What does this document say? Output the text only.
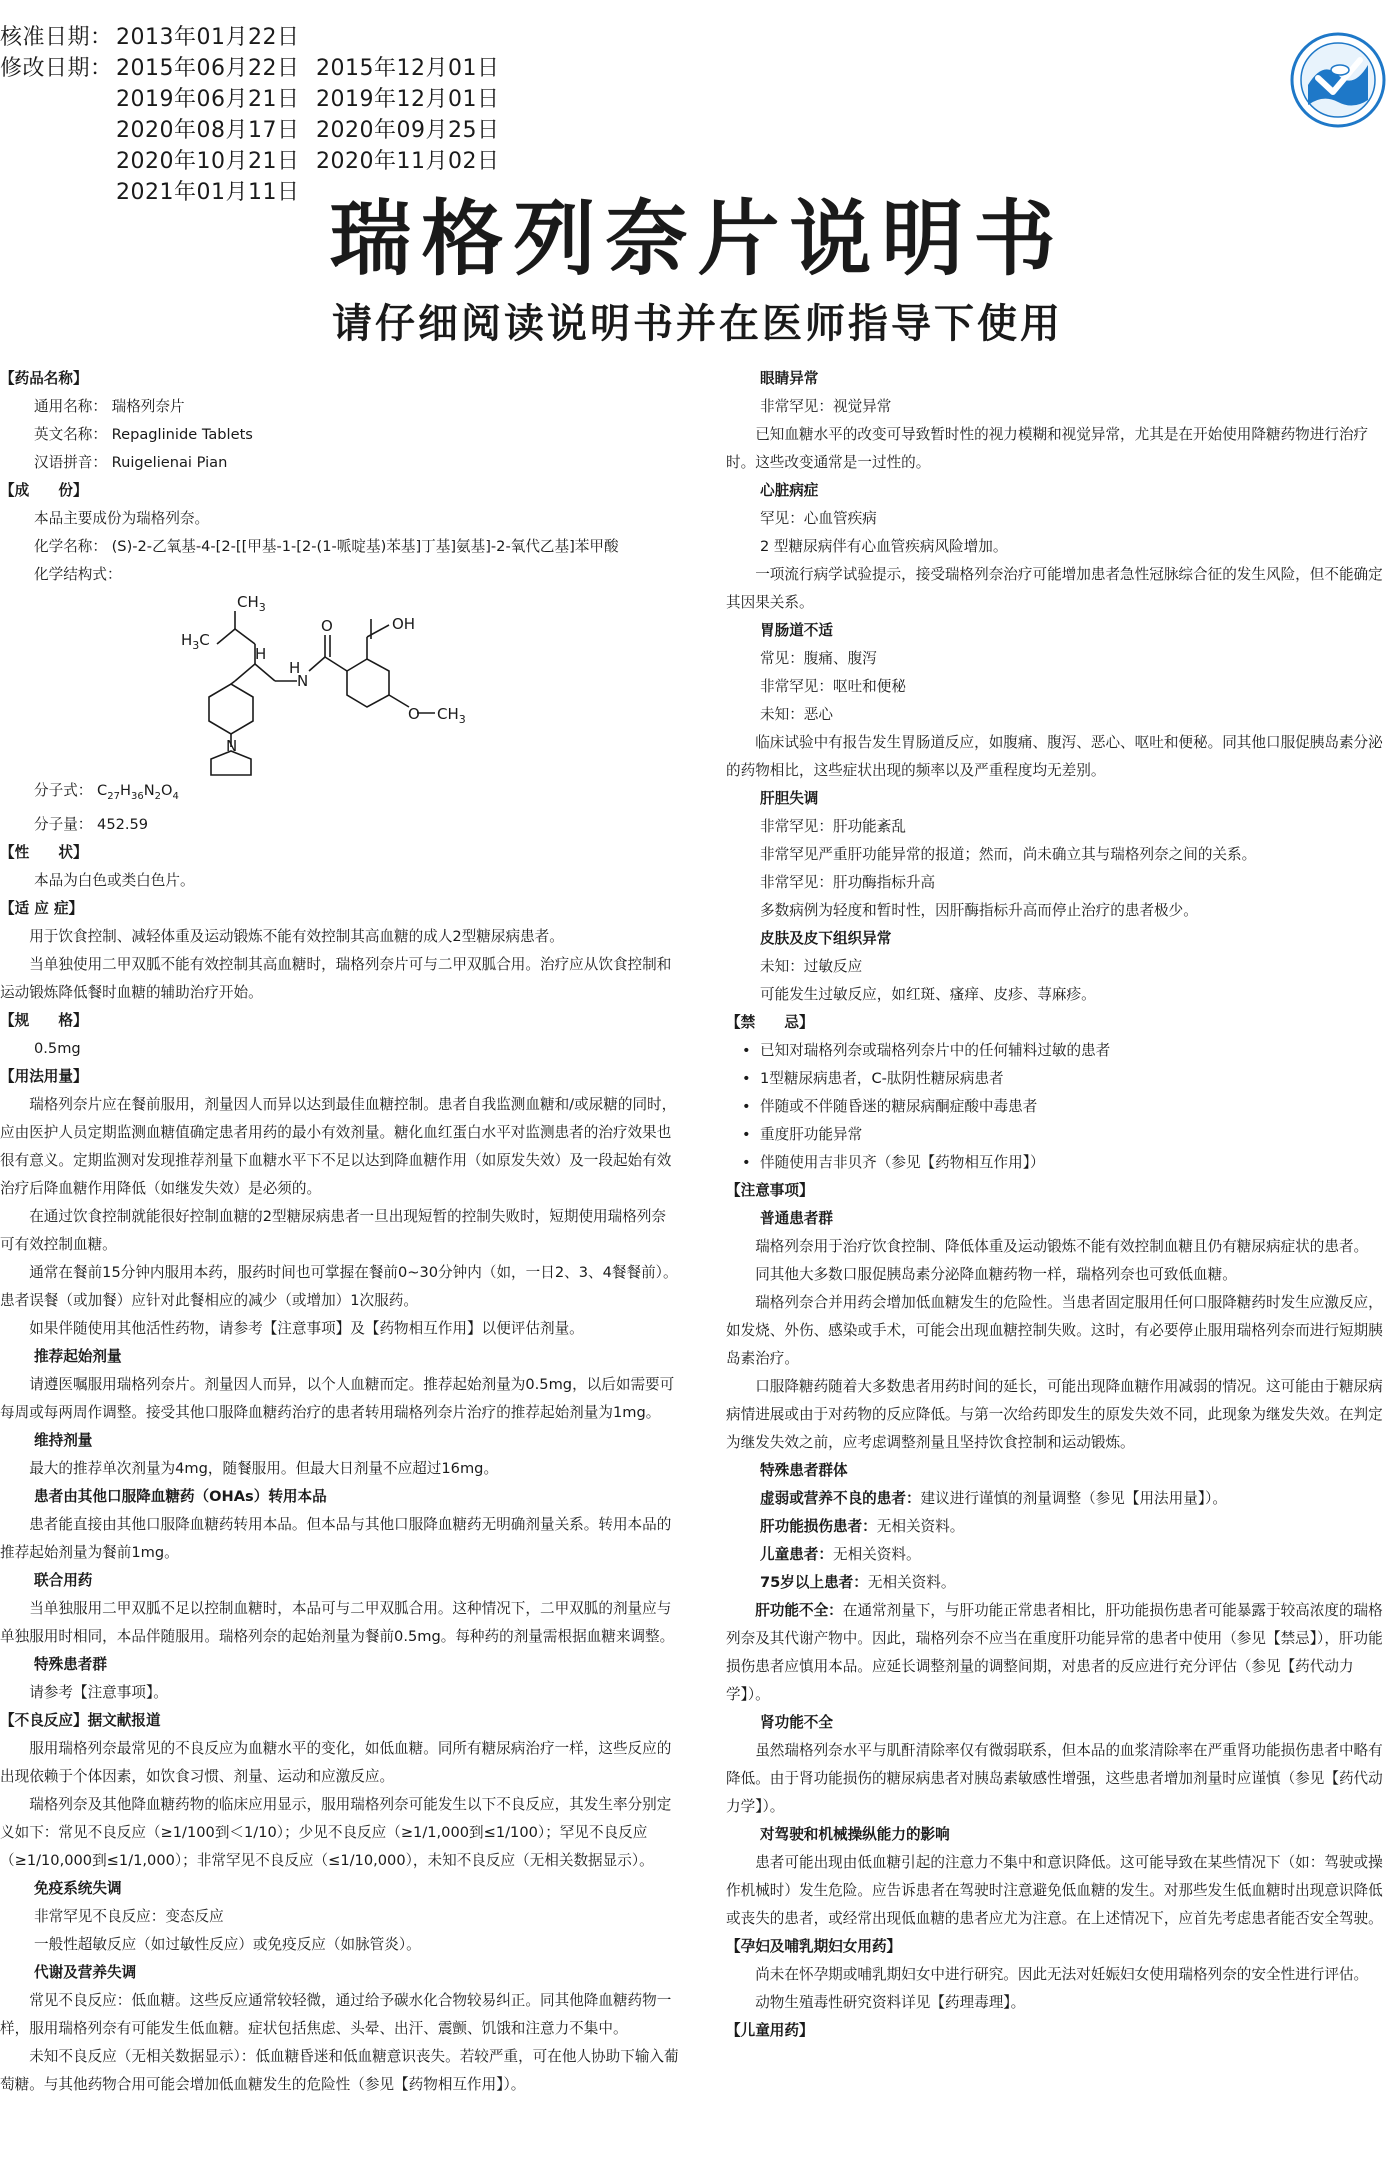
核准日期： 2013年01月22日
修改日期： 2015年06月22日 2015年12月01日
2019年06月21日 2019年12月01日
2020年08月17日 2020年09月25日
2020年10月21日 2020年11月02日
2021年01月11日 瑞格列奈片说明书
请仔细阅读说明书并在医师指导下使用

【药品名称】

通用名称： 瑞格列奈片

英文名称： Repaglinide Tablets

汉语拼音： Ruigelienai Pian

【成　　份】

本品主要成份为瑞格列奈。

化学名称： (S)-2-乙氧基-4-[2-[[甲基-1-[2-(1-哌啶基)苯基]丁基]氨基]-2-氧代乙基]苯甲酸

化学结构式：

$CH_3$
$H_3C$
H
N
H
O	OH
O $CH_3$
N

分子式： $C_{27}H_{36}N_2O_4$

分子量： 452.59

【性　　状】

本品为白色或类白色片。

【适 应 症】

用于饮食控制、减轻体重及运动锻炼不能有效控制其高血糖的成人2型糖尿病患者。

当单独使用二甲双胍不能有效控制其高血糖时，瑞格列奈片可与二甲双胍合用。治疗应从饮食控制和运动锻炼降低餐时血糖的辅助治疗开始。

【规　　格】

0.5mg

【用法用量】

瑞格列奈片应在餐前服用，剂量因人而异以达到最佳血糖控制。患者自我监测血糖和/或尿糖的同时，应由医护人员定期监测血糖值确定患者用药的最小有效剂量。糖化血红蛋白水平对监测患者的治疗效果也很有意义。定期监测对发现推荐剂量下血糖水平下不足以达到降血糖作用（如原发失效）及一段起始有效治疗后降血糖作用降低（如继发失效）是必须的。

在通过饮食控制就能很好控制血糖的2型糖尿病患者一旦出现短暂的控制失败时，短期使用瑞格列奈可有效控制血糖。

通常在餐前15分钟内服用本药，服药时间也可掌握在餐前0~30分钟内（如，一日2、3、4餐餐前）。患者误餐（或加餐）应针对此餐相应的减少（或增加）1次服药。

如果伴随使用其他活性药物，请参考【注意事项】及【药物相互作用】以便评估剂量。

推荐起始剂量

请遵医嘱服用瑞格列奈片。剂量因人而异，以个人血糖而定。推荐起始剂量为0.5mg，以后如需要可每周或每两周作调整。接受其他口服降血糖药治疗的患者转用瑞格列奈片治疗的推荐起始剂量为1mg。

维持剂量

最大的推荐单次剂量为4mg，随餐服用。但最大日剂量不应超过16mg。

患者由其他口服降血糖药（OHAs）转用本品

患者能直接由其他口服降血糖药转用本品。但本品与其他口服降血糖药无明确剂量关系。转用本品的推荐起始剂量为餐前1mg。

联合用药

当单独服用二甲双胍不足以控制血糖时，本品可与二甲双胍合用。这种情况下，二甲双胍的剂量应与单独服用时相同，本品伴随服用。瑞格列奈的起始剂量为餐前0.5mg。每种药的剂量需根据血糖来调整。

特殊患者群

请参考【注意事项】。

【不良反应】据文献报道

服用瑞格列奈最常见的不良反应为血糖水平的变化，如低血糖。同所有糖尿病治疗一样，这些反应的出现依赖于个体因素，如饮食习惯、剂量、运动和应激反应。

瑞格列奈及其他降血糖药物的临床应用显示，服用瑞格列奈可能发生以下不良反应，其发生率分别定义如下：常见不良反应（≥1/100到＜1/10）；少见不良反应（≥1/1,000到≤1/100）；罕见不良反应（≥1/10,000到≤1/1,000）；非常罕见不良反应（≤1/10,000），未知不良反应（无相关数据显示）。

免疫系统失调

非常罕见不良反应：变态反应

一般性超敏反应（如过敏性反应）或免疫反应（如脉管炎）。

代谢及营养失调

常见不良反应：低血糖。这些反应通常较轻微，通过给予碳水化合物较易纠正。同其他降血糖药物一样，服用瑞格列奈有可能发生低血糖。症状包括焦虑、头晕、出汗、震颤、饥饿和注意力不集中。

未知不良反应（无相关数据显示）：低血糖昏迷和低血糖意识丧失。若较严重，可在他人协助下输入葡萄糖。与其他药物合用可能会增加低血糖发生的危险性（参见【药物相互作用】）。

眼睛异常

非常罕见：视觉异常

已知血糖水平的改变可导致暂时性的视力模糊和视觉异常，尤其是在开始使用降糖药物进行治疗时。这些改变通常是一过性的。

心脏病症

罕见：心血管疾病

2 型糖尿病伴有心血管疾病风险增加。

一项流行病学试验提示，接受瑞格列奈治疗可能增加患者急性冠脉综合征的发生风险，但不能确定其因果关系。

胃肠道不适

常见：腹痛、腹泻

非常罕见：呕吐和便秘

未知：恶心

临床试验中有报告发生胃肠道反应，如腹痛、腹泻、恶心、呕吐和便秘。同其他口服促胰岛素分泌的药物相比，这些症状出现的频率以及严重程度均无差别。

肝胆失调

非常罕见：肝功能紊乱

非常罕见严重肝功能异常的报道；然而，尚未确立其与瑞格列奈之间的关系。

非常罕见：肝功酶指标升高

多数病例为轻度和暂时性，因肝酶指标升高而停止治疗的患者极少。

皮肤及皮下组织异常

未知：过敏反应

可能发生过敏反应，如红斑、瘙痒、皮疹、荨麻疹。

【禁　　忌】

• 已知对瑞格列奈或瑞格列奈片中的任何辅料过敏的患者
• 1型糖尿病患者，C-肽阴性糖尿病患者
• 伴随或不伴随昏迷的糖尿病酮症酸中毒患者
• 重度肝功能异常
• 伴随使用吉非贝齐（参见【药物相互作用】）

【注意事项】

普通患者群

瑞格列奈用于治疗饮食控制、降低体重及运动锻炼不能有效控制血糖且仍有糖尿病症状的患者。

同其他大多数口服促胰岛素分泌降血糖药物一样，瑞格列奈也可致低血糖。

瑞格列奈合并用药会增加低血糖发生的危险性。当患者固定服用任何口服降糖药时发生应激反应，如发烧、外伤、感染或手术，可能会出现血糖控制失败。这时，有必要停止服用瑞格列奈而进行短期胰岛素治疗。

口服降糖药随着大多数患者用药时间的延长，可能出现降血糖作用减弱的情况。这可能由于糖尿病病情进展或由于对药物的反应降低。与第一次给药即发生的原发失效不同，此现象为继发失效。在判定为继发失效之前，应考虑调整剂量且坚持饮食控制和运动锻炼。

特殊患者群体

虚弱或营养不良的患者：建议进行谨慎的剂量调整（参见【用法用量】）。

肝功能损伤患者：无相关资料。

儿童患者：无相关资料。

75岁以上患者：无相关资料。

肝功能不全：在通常剂量下，与肝功能正常患者相比，肝功能损伤患者可能暴露于较高浓度的瑞格列奈及其代谢产物中。因此，瑞格列奈不应当在重度肝功能异常的患者中使用（参见【禁忌】），肝功能损伤患者应慎用本品。应延长调整剂量的调整间期，对患者的反应进行充分评估（参见【药代动力学】）。

肾功能不全

虽然瑞格列奈水平与肌酐清除率仅有微弱联系，但本品的血浆清除率在严重肾功能损伤患者中略有降低。由于肾功能损伤的糖尿病患者对胰岛素敏感性增强，这些患者增加剂量时应谨慎（参见【药代动力学】）。

对驾驶和机械操纵能力的影响

患者可能出现由低血糖引起的注意力不集中和意识降低。这可能导致在某些情况下（如：驾驶或操作机械时）发生危险。应告诉患者在驾驶时注意避免低血糖的发生。对那些发生低血糖时出现意识降低或丧失的患者，或经常出现低血糖的患者应尤为注意。在上述情况下，应首先考虑患者能否安全驾驶。

【孕妇及哺乳期妇女用药】

尚未在怀孕期或哺乳期妇女中进行研究。因此无法对妊娠妇女使用瑞格列奈的安全性进行评估。

动物生殖毒性研究资料详见【药理毒理】。

【儿童用药】
